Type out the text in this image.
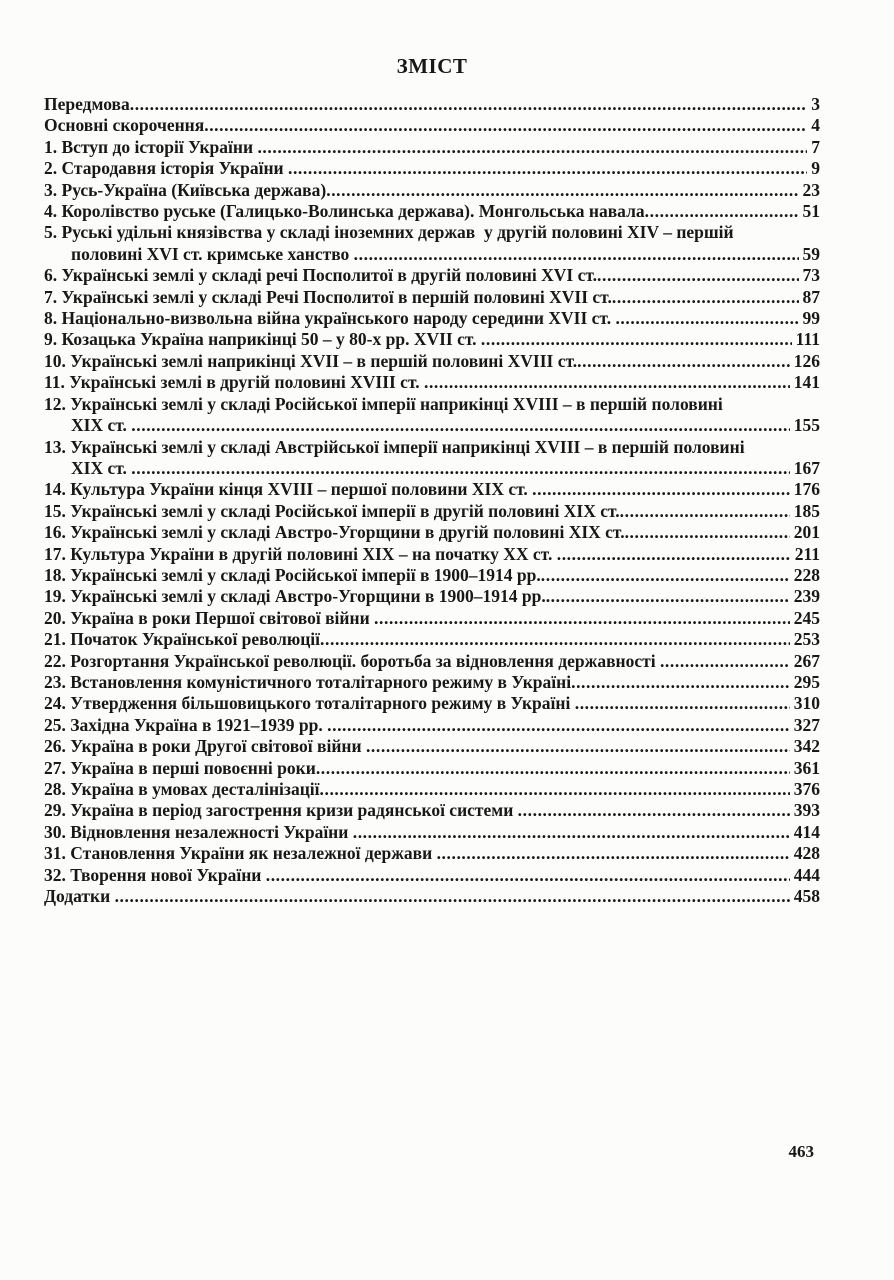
ЗМІСТ
Передмова .....	3
Основні скорочення .....	4
1. Вступ до історії України .....	7
2. Стародавня історія України .....	9
3. Русь-Україна (Київська держава) .....	23
4. Королівство руське (Галицько-Волинська держава). Монгольська навала .....	51
5. Руські удільні князівства у складі іноземних держав  у другій половині XIV – першій
половині XVI ст. кримське ханство .....	59
6. Українські землі у складі речі Посполитої в другій половині XVI ст. .....	73
7. Українські землі у складі Речі Посполитої в першій половині XVII ст. .....	87
8. Національно-визвольна війна українського народу середини XVII ст. .....	99
9. Козацька Україна наприкінці 50 – у 80-х рр. XVII ст. .....	111
10. Українські землі наприкінці XVII – в першій половині XVIII ст. .....	126
11. Українські землі в другій половині XVIII ст. .....	141
12. Українські землі у складі Російської імперії наприкінці XVIII – в першій половині
XIX ст. .....	155
13. Українські землі у складі Австрійської імперії наприкінці XVIII – в першій половині
XIX ст. .....	167
14. Культура України кінця XVIII – першої половини XIX ст. .....	176
15. Українські землі у складі Російської імперії в другій половині XIX ст. .....	185
16. Українські землі у складі Австро-Угорщини в другій половині XIX ст. .....	201
17. Культура України в другій половині XIX – на початку XX ст. .....	211
18. Українські землі у складі Російської імперії в 1900–1914 рр. .....	228
19. Українські землі у складі Австро-Угорщини в 1900–1914 рр. .....	239
20. Україна в роки Першої світової війни .....	245
21. Початок Української революції .....	253
22. Розгортання Української революції. боротьба за відновлення державності .....	267
23. Встановлення комуністичного тоталітарного режиму в Україні .....	295
24. Утвердження більшовицького тоталітарного режиму в Україні .....	310
25. Західна Україна в 1921–1939 рр. .....	327
26. Україна в роки Другої світової війни .....	342
27. Україна в перші повоєнні роки .....	361
28. Україна в умовах десталінізації .....	376
29. Україна в період загострення кризи радянської системи .....	393
30. Відновлення незалежності України .....	414
31. Становлення України як незалежної держави .....	428
32. Творення нової України .....	444
Додатки .....	458
463
